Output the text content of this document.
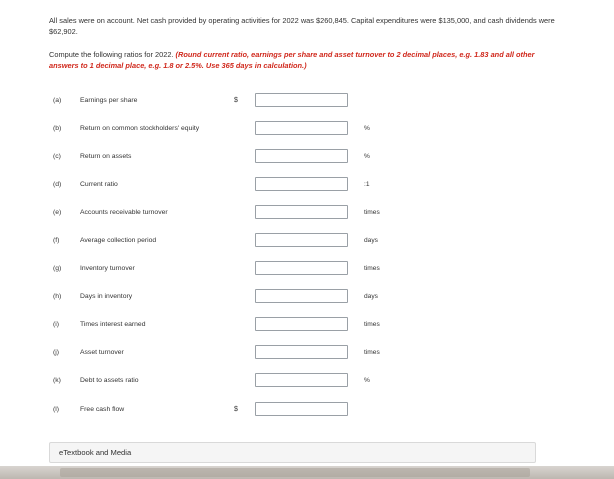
All sales were on account. Net cash provided by operating activities for 2022 was $260,845. Capital expenditures were $135,000, and cash dividends were $62,902.
Compute the following ratios for 2022. (Round current ratio, earnings per share and asset turnover to 2 decimal places, e.g. 1.83 and all other answers to 1 decimal place, e.g. 1.8 or 2.5%. Use 365 days in calculation.)
(a)	Earnings per share	$
(b)	Return on common stockholders' equity	%
(c)	Return on assets	%
(d)	Current ratio	:1
(e)	Accounts receivable turnover	times
(f)	Average collection period	days
(g)	Inventory turnover	times
(h)	Days in inventory	days
(i)	Times interest earned	times
(j)	Asset turnover	times
(k)	Debt to assets ratio	%
(l)	Free cash flow	$
eTextbook and Media
